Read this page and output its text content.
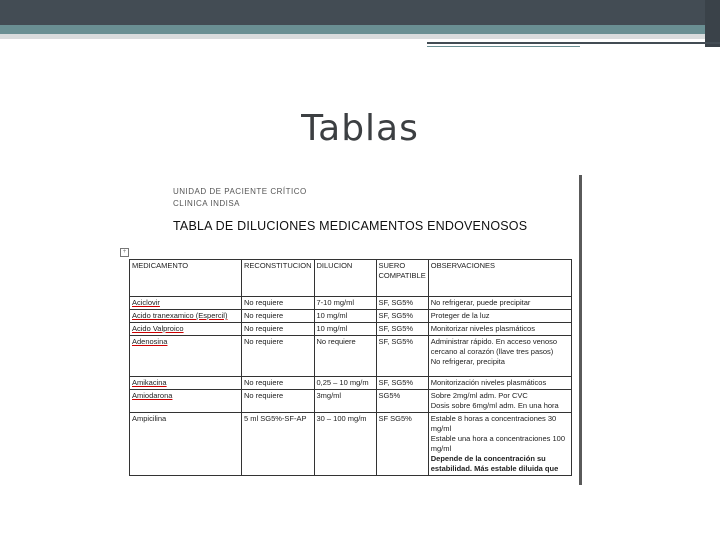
Tablas
UNIDAD DE PACIENTE CRÍTICO
CLINICA INDISA
TABLA DE DILUCIONES MEDICAMENTOS ENDOVENOSOS
+
MEDICAMENTO	RECONSTITUCION	DILUCION	SUERO COMPATIBLE	OBSERVACIONES
Aciclovir	No requiere	7-10 mg/ml	SF, SG5%	No refrigerar, puede precipitar
Acido tranexamico (Espercil)	No requiere	10 mg/ml	SF, SG5%	Proteger de la luz
Acido Valproico	No requiere	10 mg/ml	SF, SG5%	Monitorizar niveles plasmáticos
Adenosina	No requiere	No requiere	SF, SG5%	Administrar rápido. En acceso venoso cercano al corazón (llave tres pasos)
No refrigerar, precipita

Amikacina	No requiere	0,25 – 10 mg/m	SF, SG5%	Monitorización niveles plasmáticos
Amiodarona	No requiere	3mg/ml	SG5%	Sobre 2mg/ml adm. Por CVC
Dosis sobre 6mg/ml adm. En una hora

Ampicilina	5 ml SG5%-SF-AP	30 – 100 mg/m	SF SG5%	Estable 8 horas a concentraciones 30 mg/ml
Estable una hora a concentraciones 100 mg/ml
Depende de la concentración su estabilidad. Más estable diluida que
